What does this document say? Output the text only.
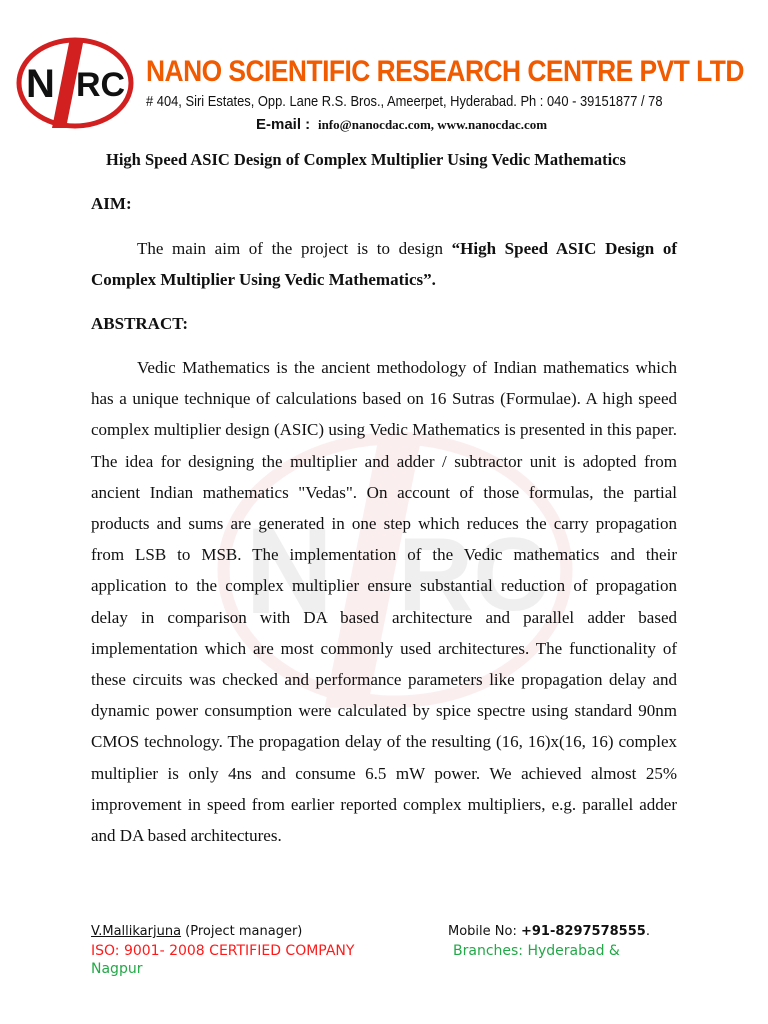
N RC NANO SCIENTIFIC RESEARCH CENTRE PVT LTD
# 404, Siri Estates, Opp. Lane R.S. Bros., Ameerpet, Hyderabad. Ph : 040 - 39151877 / 78
E-mail : info@nanocdac.com, www.nanocdac.com
N RC
High Speed ASIC Design of Complex Multiplier Using Vedic Mathematics
AIM:

The main aim of the project is to design “High Speed ASIC Design of Complex Multiplier Using Vedic Mathematics”.

ABSTRACT:

Vedic Mathematics is the ancient methodology of Indian mathematics which has a unique technique of calculations based on 16 Sutras (Formulae). A high speed complex multiplier design (ASIC) using Vedic Mathematics is presented in this paper. The idea for designing the multiplier and adder / subtractor unit is adopted from ancient Indian mathematics "Vedas". On account of those formulas, the partial products and sums are generated in one step which reduces the carry propagation from LSB to MSB. The implementation of the Vedic mathematics and their application to the complex multiplier ensure substantial reduction of propagation delay in comparison with DA based architecture and parallel adder based implementation which are most commonly used architectures. The functionality of these circuits was checked and performance parameters like propagation delay and dynamic power consumption were calculated by spice spectre using standard 90nm CMOS technology. The propagation delay of the resulting (16, 16)x(16, 16) complex multiplier is only 4ns and consume 6.5 mW power. We achieved almost 25% improvement in speed from earlier reported complex multipliers, e.g. parallel adder and DA based architectures.

V.Mallikarjuna (Project manager)	Mobile No: +91-8297578555.
ISO: 9001- 2008 CERTIFIED COMPANY	Branches: Hyderabad &
Nagpur
